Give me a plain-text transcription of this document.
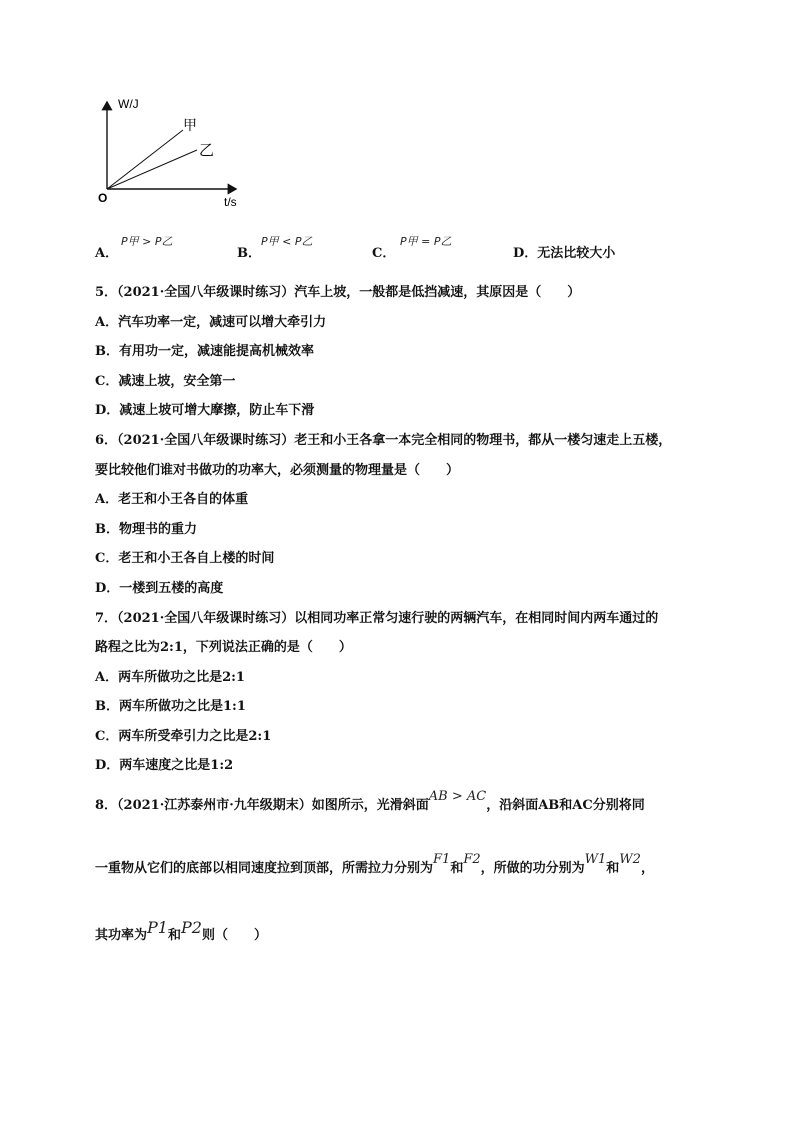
W/J
t/s
O
甲
乙
A．
P甲 > P乙
B．
P甲 < P乙
C．
P甲 = P乙
D．无法比较大小
5．（2021·全国八年级课时练习）汽车上坡，一般都是低挡减速，其原因是（　　）
A．汽车功率一定，减速可以增大牵引力
B．有用功一定，减速能提高机械效率
C．减速上坡，安全第一
D．减速上坡可增大摩擦，防止车下滑
6．（2021·全国八年级课时练习）老王和小王各拿一本完全相同的物理书，都从一楼匀速走上五楼，
要比较他们谁对书做功的功率大，必须测量的物理量是（　　）
A．老王和小王各自的体重
B．物理书的重力
C．老王和小王各自上楼的时间
D．一楼到五楼的高度
7．（2021·全国八年级课时练习）以相同功率正常匀速行驶的两辆汽车，在相同时间内两车通过的
路程之比为2:1，下列说法正确的是（　　）
A．两车所做功之比是2:1
B．两车所做功之比是1:1
C．两车所受牵引力之比是2:1
D．两车速度之比是1:2
8．（2021·江苏泰州市·九年级期末）如图所示，光滑斜面AB > AC，沿斜面AB和AC分别将同
一重物从它们的底部以相同速度拉到顶部，所需拉力分别为F1和F2，所做的功分别为W1和W2，
其功率为P1和P2则（　　）
